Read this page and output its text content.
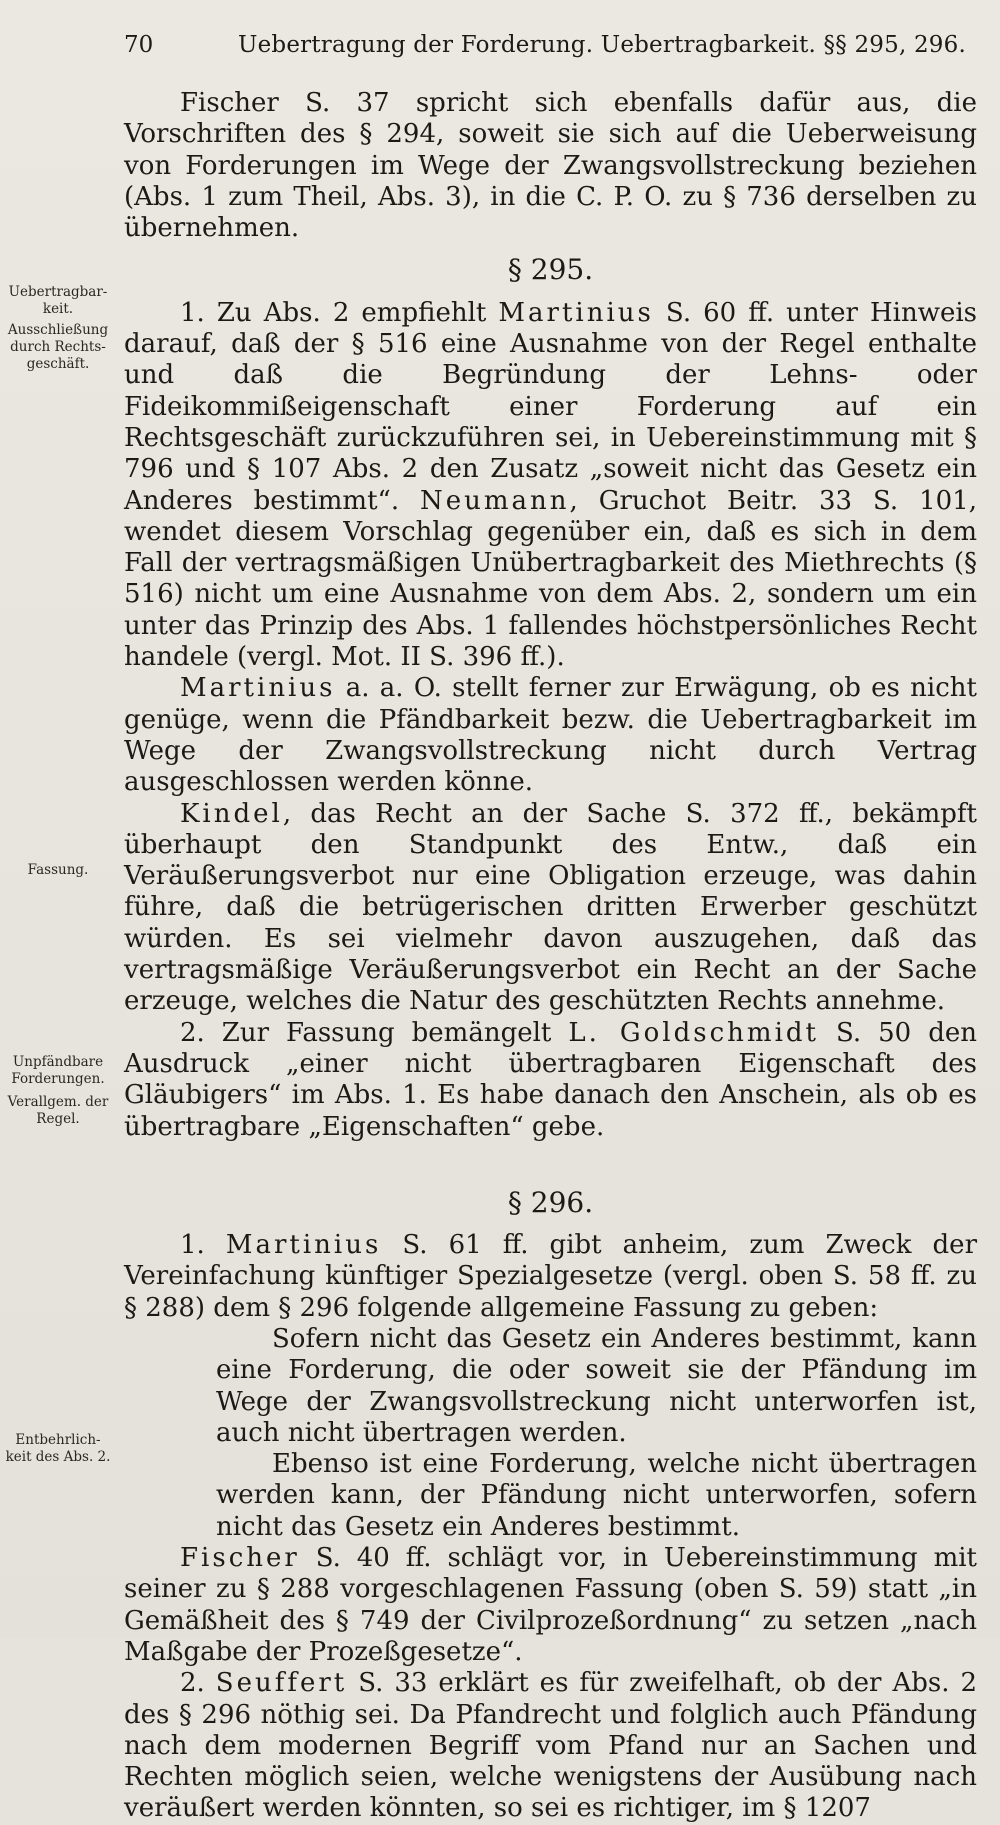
70	Uebertragung der Forderung. Uebertragbarkeit. §§ 295, 296.
Uebertragbar-keit.
Ausschließung durch Rechts-geschäft.
Fassung.
Unpfändbare Forderungen.
Verallgem. der Regel.
Entbehrlich-keit des Abs. 2.

Fischer S. 37 spricht sich ebenfalls dafür aus, die Vorschriften des § 294, soweit sie sich auf die Ueberweisung von Forderungen im Wege der Zwangsvollstreckung beziehen (Abs. 1 zum Theil, Abs. 3), in die C. P. O. zu § 736 derselben zu übernehmen.

§ 295.

1. Zu Abs. 2 empfiehlt Martinius S. 60 ff. unter Hinweis darauf, daß der § 516 eine Ausnahme von der Regel enthalte und daß die Begründung der Lehns- oder Fideikommißeigenschaft einer Forderung auf ein Rechtsgeschäft zurückzuführen sei, in Uebereinstimmung mit § 796 und § 107 Abs. 2 den Zusatz „soweit nicht das Gesetz ein Anderes bestimmt“. Neumann, Gruchot Beitr. 33 S. 101, wendet diesem Vorschlag gegenüber ein, daß es sich in dem Fall der vertragsmäßigen Unübertragbarkeit des Miethrechts (§ 516) nicht um eine Ausnahme von dem Abs. 2, sondern um ein unter das Prinzip des Abs. 1 fallendes höchstpersönliches Recht handele (vergl. Mot. II S. 396 ff.).

Martinius a. a. O. stellt ferner zur Erwägung, ob es nicht genüge, wenn die Pfändbarkeit bezw. die Uebertragbarkeit im Wege der Zwangsvollstreckung nicht durch Vertrag ausgeschlossen werden könne.

Kindel, das Recht an der Sache S. 372 ff., bekämpft überhaupt den Standpunkt des Entw., daß ein Veräußerungsverbot nur eine Obligation erzeuge, was dahin führe, daß die betrügerischen dritten Erwerber geschützt würden. Es sei vielmehr davon auszugehen, daß das vertragsmäßige Veräußerungsverbot ein Recht an der Sache erzeuge, welches die Natur des geschützten Rechts annehme.

2. Zur Fassung bemängelt L. Goldschmidt S. 50 den Ausdruck „einer nicht übertragbaren Eigenschaft des Gläubigers“ im Abs. 1. Es habe danach den Anschein, als ob es übertragbare „Eigenschaften“ gebe.

§ 296.

1. Martinius S. 61 ff. gibt anheim, zum Zweck der Vereinfachung künftiger Spezialgesetze (vergl. oben S. 58 ff. zu § 288) dem § 296 folgende allgemeine Fassung zu geben:

Sofern nicht das Gesetz ein Anderes bestimmt, kann eine Forderung, die oder soweit sie der Pfändung im Wege der Zwangsvollstreckung nicht unterworfen ist, auch nicht übertragen werden.

Ebenso ist eine Forderung, welche nicht übertragen werden kann, der Pfändung nicht unterworfen, sofern nicht das Gesetz ein Anderes bestimmt.

Fischer S. 40 ff. schlägt vor, in Uebereinstimmung mit seiner zu § 288 vorgeschlagenen Fassung (oben S. 59) statt „in Gemäßheit des § 749 der Civilprozeßordnung“ zu setzen „nach Maßgabe der Prozeßgesetze“.

2. Seuffert S. 33 erklärt es für zweifelhaft, ob der Abs. 2 des § 296 nöthig sei. Da Pfandrecht und folglich auch Pfändung nach dem modernen Begriff vom Pfand nur an Sachen und Rechten möglich seien, welche wenigstens der Ausübung nach veräußert werden könnten, so sei es richtiger, im § 1207
